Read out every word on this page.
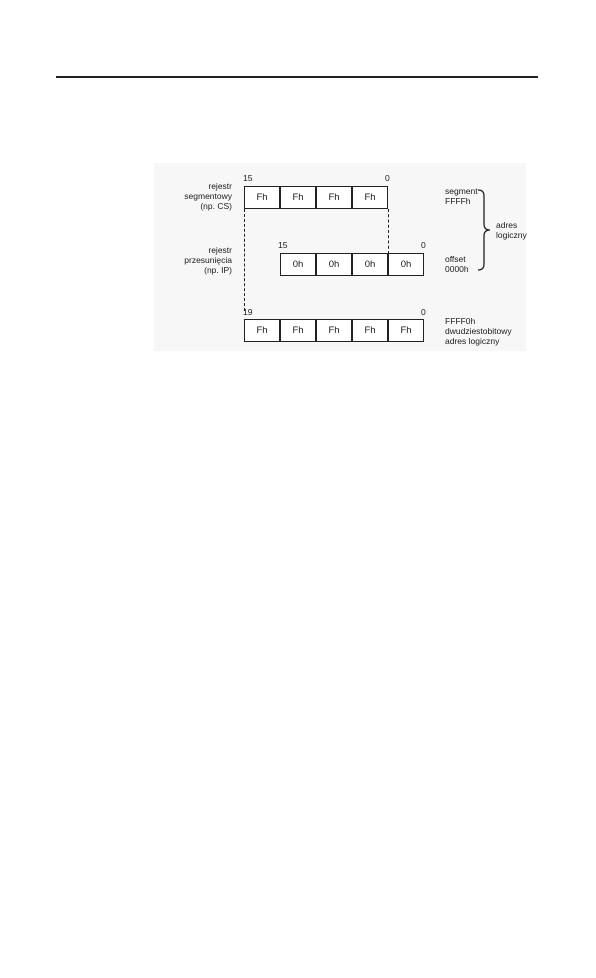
rejestr
segmentowy
(np. CS)
15	0
Fh	Fh	Fh	Fh
segment
FFFFh
rejestr
przesunięcia
(np. IP)
15	0
0h	0h	0h	0h	offset
0000h
adres
logiczny
19	0
Fh	Fh	Fh	Fh	Fh
FFFF0h
dwudziestobitowy
adres logiczny
